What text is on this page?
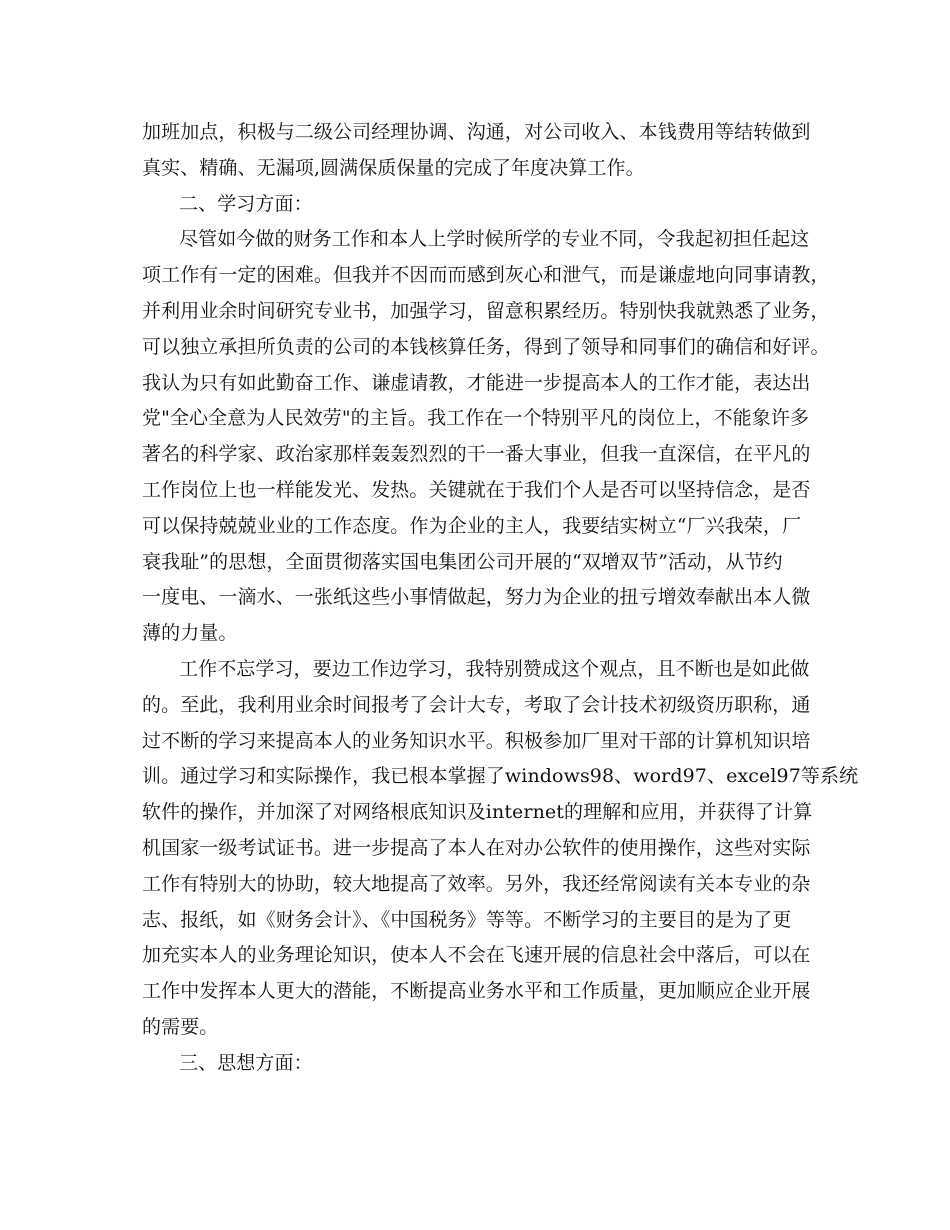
加班加点，积极与二级公司经理协调、沟通，对公司收入、本钱费用等结转做到
真实、精确、无漏项,圆满保质保量的完成了年度决算工作。
二、学习方面：
尽管如今做的财务工作和本人上学时候所学的专业不同，令我起初担任起这
项工作有一定的困难。但我并不因而而感到灰心和泄气，而是谦虚地向同事请教，
并利用业余时间研究专业书，加强学习，留意积累经历。特别快我就熟悉了业务，
可以独立承担所负责的公司的本钱核算任务，得到了领导和同事们的确信和好评。
我认为只有如此勤奋工作、谦虚请教，才能进一步提高本人的工作才能，表达出
党"全心全意为人民效劳"的主旨。我工作在一个特别平凡的岗位上，不能象许多
著名的科学家、政治家那样轰轰烈烈的干一番大事业，但我一直深信，在平凡的
工作岗位上也一样能发光、发热。关键就在于我们个人是否可以坚持信念，是否
可以保持兢兢业业的工作态度。作为企业的主人，我要结实树立“厂兴我荣，厂
衰我耻”的思想，全面贯彻落实国电集团公司开展的“双增双节”活动，从节约
一度电、一滴水、一张纸这些小事情做起，努力为企业的扭亏增效奉献出本人微
薄的力量。
工作不忘学习，要边工作边学习，我特别赞成这个观点，且不断也是如此做
的。至此，我利用业余时间报考了会计大专，考取了会计技术初级资历职称，通
过不断的学习来提高本人的业务知识水平。积极参加厂里对干部的计算机知识培
训。通过学习和实际操作，我已根本掌握了windows98、word97、excel97等系统
软件的操作，并加深了对网络根底知识及internet的理解和应用，并获得了计算
机国家一级考试证书。进一步提高了本人在对办公软件的使用操作，这些对实际
工作有特别大的协助，较大地提高了效率。另外，我还经常阅读有关本专业的杂
志、报纸，如《财务会计》、《中国税务》等等。不断学习的主要目的是为了更
加充实本人的业务理论知识，使本人不会在飞速开展的信息社会中落后，可以在
工作中发挥本人更大的潜能，不断提高业务水平和工作质量，更加顺应企业开展
的需要。
三、思想方面：
